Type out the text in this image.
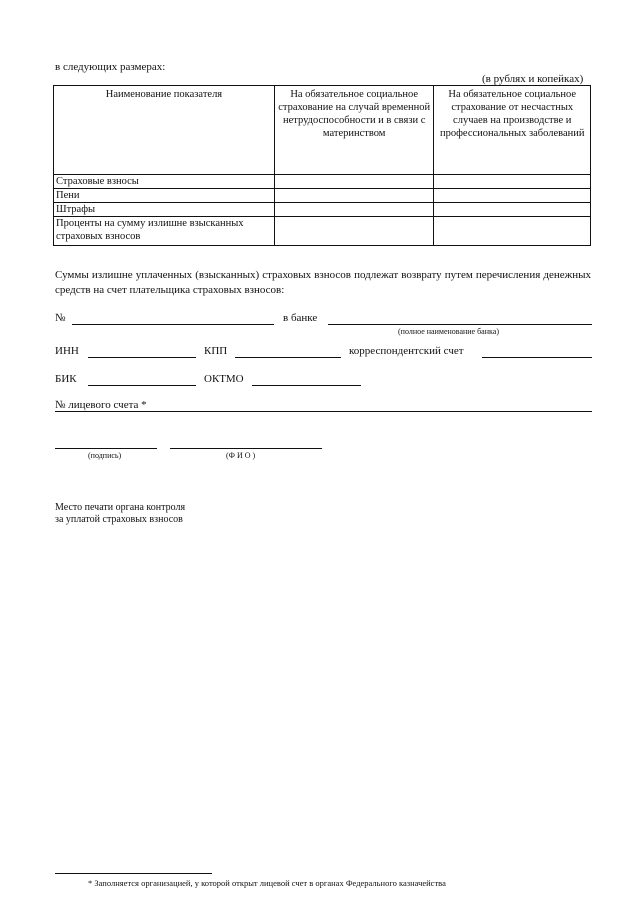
в следующих размерах:
(в рублях и копейках)
Наименование показателя	На обязательное социальное страхование на случай временной нетрудоспособности и в связи с материнством	На обязательное социальное страхование от несчастных случаев на производстве и профессиональных заболеваний
Страховые взносы		
Пени		
Штрафы		
Проценты на сумму излишне взысканных страховых взносов		
Суммы излишне уплаченных (взысканных) страховых взносов подлежат возврату путем перечисления денежных средств на счет плательщика страховых взносов:
№	в банке
(полное наименование банка)
ИНН	КПП	корреспондентский счет
БИК	ОКТМО
№ лицевого счета *
(подпись)	(Ф И О )
Место печати органа контроля
за уплатой страховых взносов
* Заполняется организацией, у которой открыт лицевой счет в органах Федерального казначейства
